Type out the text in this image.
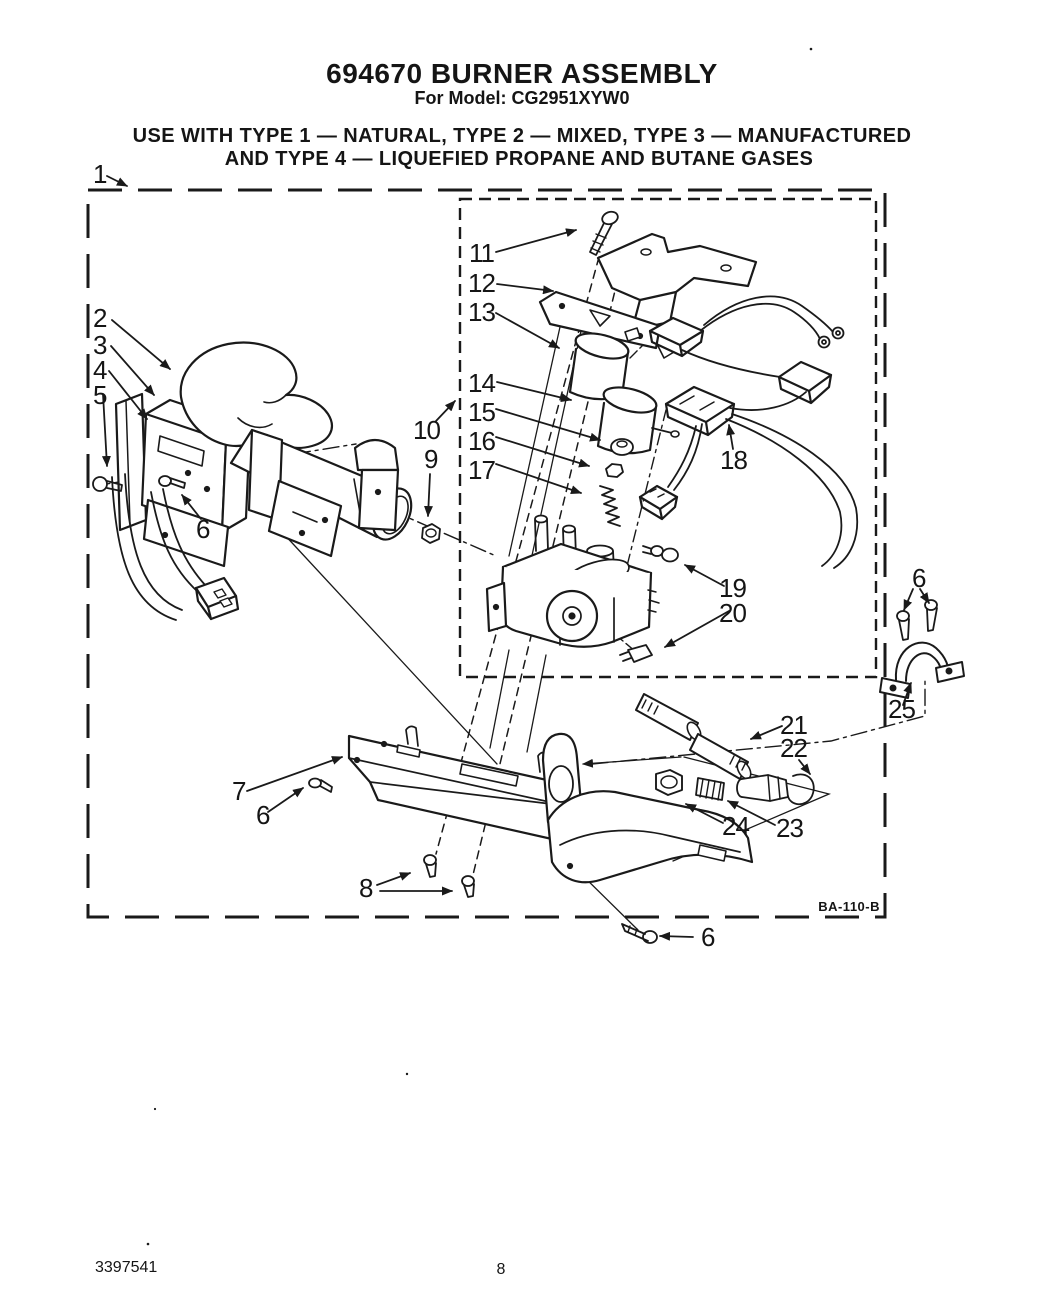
694670 BURNER ASSEMBLY
For Model: CG2951XYW0
USE WITH TYPE 1 — NATURAL, TYPE 2 — MIXED, TYPE 3 — MANUFACTURED
AND TYPE 4 — LIQUEFIED PROPANE AND BUTANE GASES
1
2
3
4
5
6
7
6
8
9
10
11
12
13
14
15
16
17	18
19
20
21
22
23
24
25
6
6
BA-110-B
3397541	8
